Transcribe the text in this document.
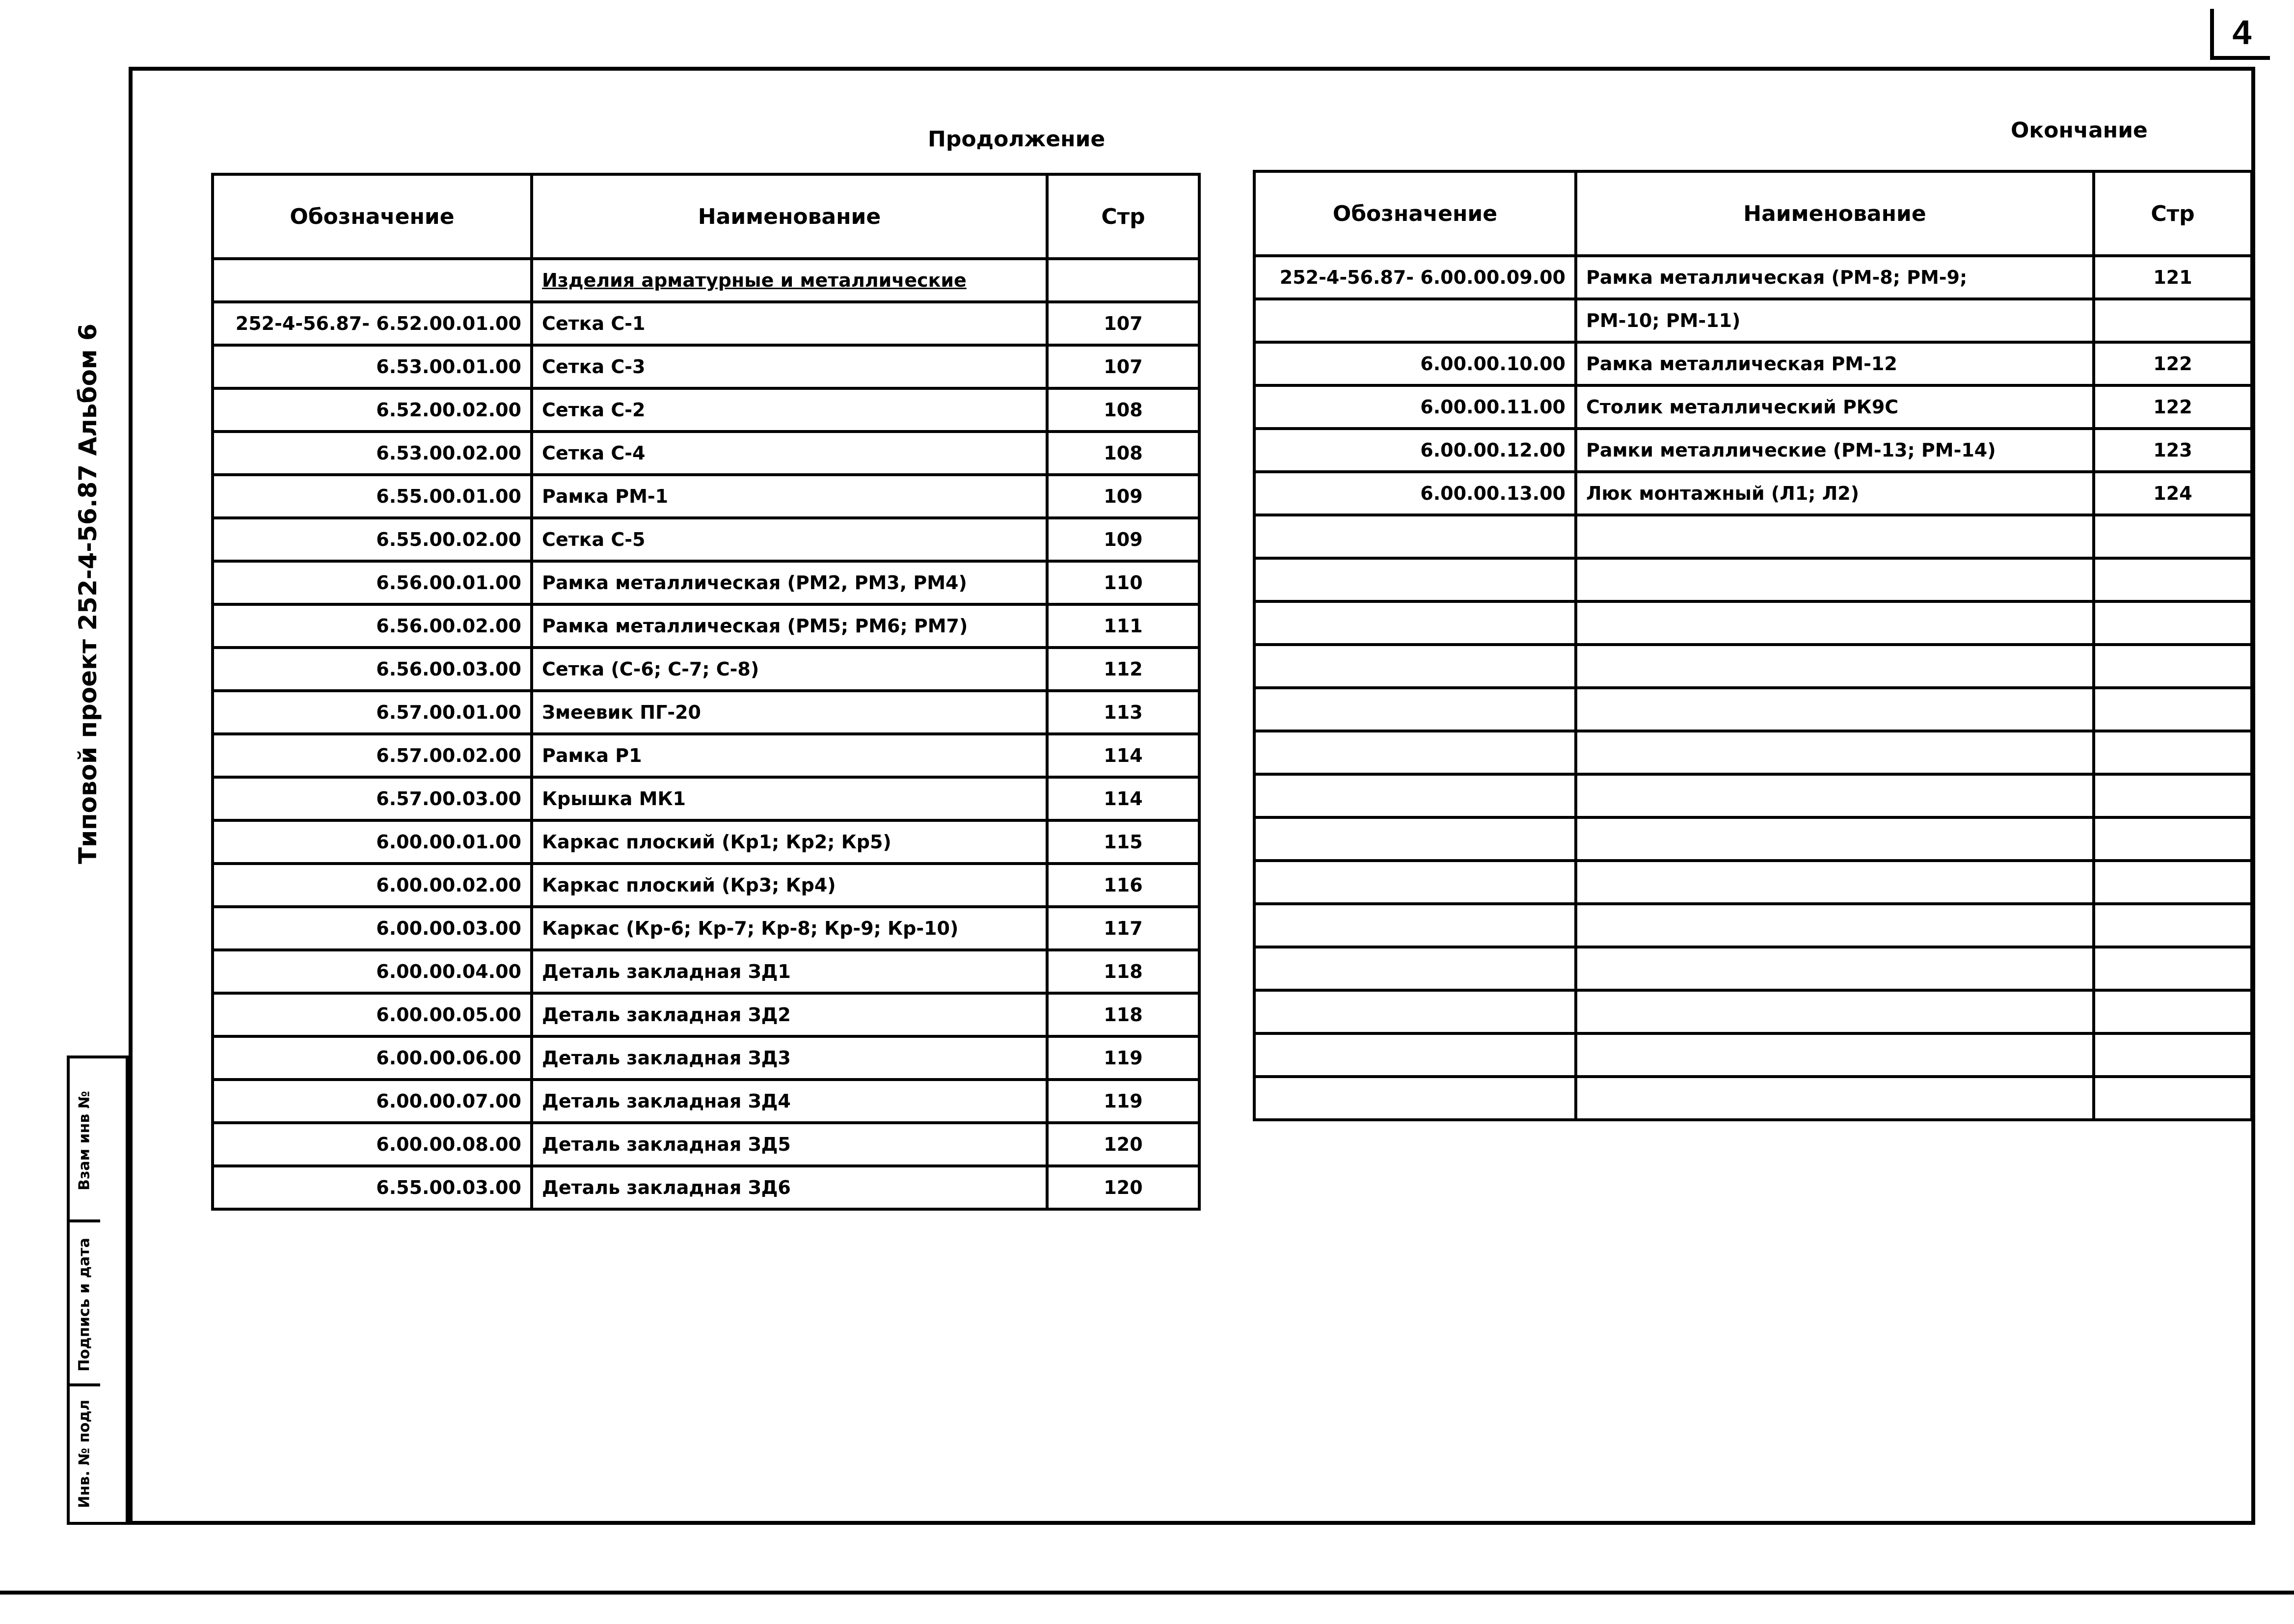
4
Типовой проект 252-4-56.87 Альбом 6
Взам инв №
Подпись и дата
Инв. № подл
Продолжение
Обозначение	Наименование	Стр
	Изделия арматурные и металлические	
252-4-56.87- 6.52.00.01.00	Сетка С-1	107
6.53.00.01.00	Сетка С-3	107
6.52.00.02.00	Сетка С-2	108
6.53.00.02.00	Сетка С-4	108
6.55.00.01.00	Рамка РМ-1	109
6.55.00.02.00	Сетка С-5	109
6.56.00.01.00	Рамка металлическая (РМ2, РМ3, РМ4)	110
6.56.00.02.00	Рамка металлическая (РМ5; РМ6; РМ7)	111
6.56.00.03.00	Сетка (С-6; С-7; С-8)	112
6.57.00.01.00	Змеевик ПГ-20	113
6.57.00.02.00	Рамка Р1	114
6.57.00.03.00	Крышка МК1	114
6.00.00.01.00	Каркас плоский (Кр1; Кр2; Кр5)	115
6.00.00.02.00	Каркас плоский (Кр3; Кр4)	116
6.00.00.03.00	Каркас (Кр-6; Кр-7; Кр-8; Кр-9; Кр-10)	117
6.00.00.04.00	Деталь закладная ЗД1	118
6.00.00.05.00	Деталь закладная ЗД2	118
6.00.00.06.00	Деталь закладная ЗД3	119
6.00.00.07.00	Деталь закладная ЗД4	119
6.00.00.08.00	Деталь закладная ЗД5	120
6.55.00.03.00	Деталь закладная ЗД6	120
Окончание
Обозначение	Наименование	Стр
252-4-56.87- 6.00.00.09.00	Рамка металлическая (РМ-8; РМ-9;	121
	РМ-10; РМ-11)	
6.00.00.10.00	Рамка металлическая РМ-12	122
6.00.00.11.00	Столик металлический РК9С	122
6.00.00.12.00	Рамки металлические (РМ-13; РМ-14)	123
6.00.00.13.00	Люк монтажный (Л1; Л2)	124
